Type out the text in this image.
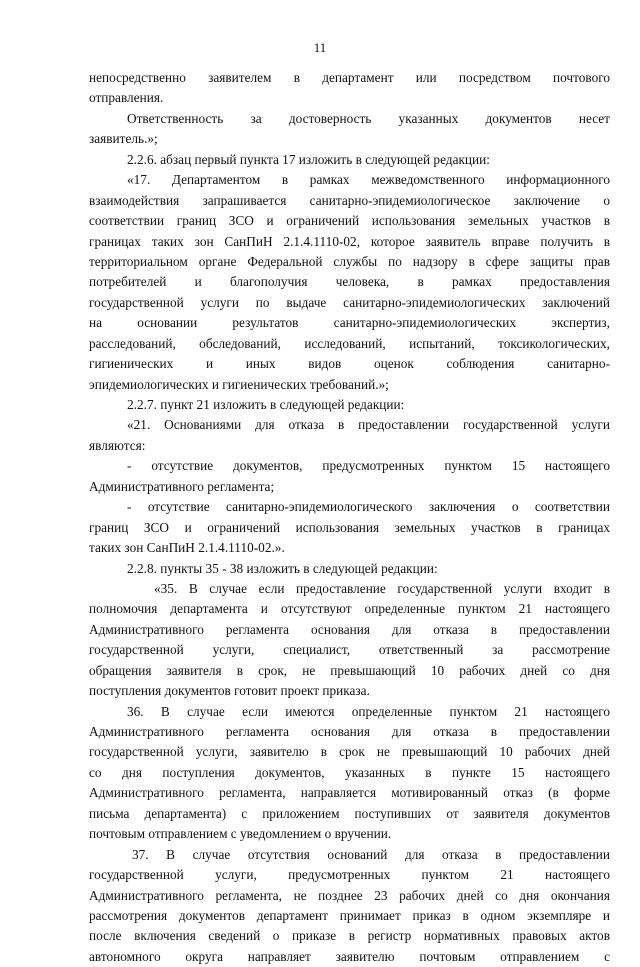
11
непосредственно заявителем в департамент или посредством почтового
отправления.
Ответственность за достоверность указанных документов несет
заявитель.»;
2.2.6. абзац первый пункта 17 изложить в следующей редакции:
«17. Департаментом в рамках межведомственного информационного
взаимодействия запрашивается санитарно-эпидемиологическое заключение о
соответствии границ ЗСО и ограничений использования земельных участков в
границах таких зон СанПиН 2.1.4.1110-02, которое заявитель вправе получить в
территориальном органе Федеральной службы по надзору в сфере защиты прав
потребителей и благополучия человека, в рамках предоставления
государственной услуги по выдаче санитарно-эпидемиологических заключений
на основании результатов санитарно-эпидемиологических экспертиз,
расследований, обследований, исследований, испытаний, токсикологических,
гигиенических и иных видов оценок соблюдения санитарно-
эпидемиологических и гигиенических требований.»;
2.2.7. пункт 21 изложить в следующей редакции:
«21. Основаниями для отказа в предоставлении государственной услуги
являются:
- отсутствие документов, предусмотренных пунктом 15 настоящего
Административного регламента;
- отсутствие санитарно-эпидемиологического заключения о соответствии
границ ЗСО и ограничений использования земельных участков в границах
таких зон СанПиН 2.1.4.1110-02.».
2.2.8. пункты 35 - 38 изложить в следующей редакции:
«35. В случае если предоставление государственной услуги входит в
полномочия департамента и отсутствуют определенные пунктом 21 настоящего
Административного регламента основания для отказа в предоставлении
государственной услуги, специалист, ответственный за рассмотрение
обращения заявителя в срок, не превышающий 10 рабочих дней со дня
поступления документов готовит проект приказа.
36. В случае если имеются определенные пунктом 21 настоящего
Административного регламента основания для отказа в предоставлении
государственной услуги, заявителю в срок не превышающий 10 рабочих дней
со дня поступления документов, указанных в пункте 15 настоящего
Административного регламента, направляется мотивированный отказ (в форме
письма департамента) с приложением поступивших от заявителя документов
почтовым отправлением с уведомлением о вручении.
37. В случае отсутствия оснований для отказа в предоставлении
государственной услуги, предусмотренных пунктом 21 настоящего
Административного регламента, не позднее 23 рабочих дней со дня окончания
рассмотрения документов департамент принимает приказ в одном экземпляре и
после включения сведений о приказе в регистр нормативных правовых актов
автономного округа направляет заявителю почтовым отправлением с
